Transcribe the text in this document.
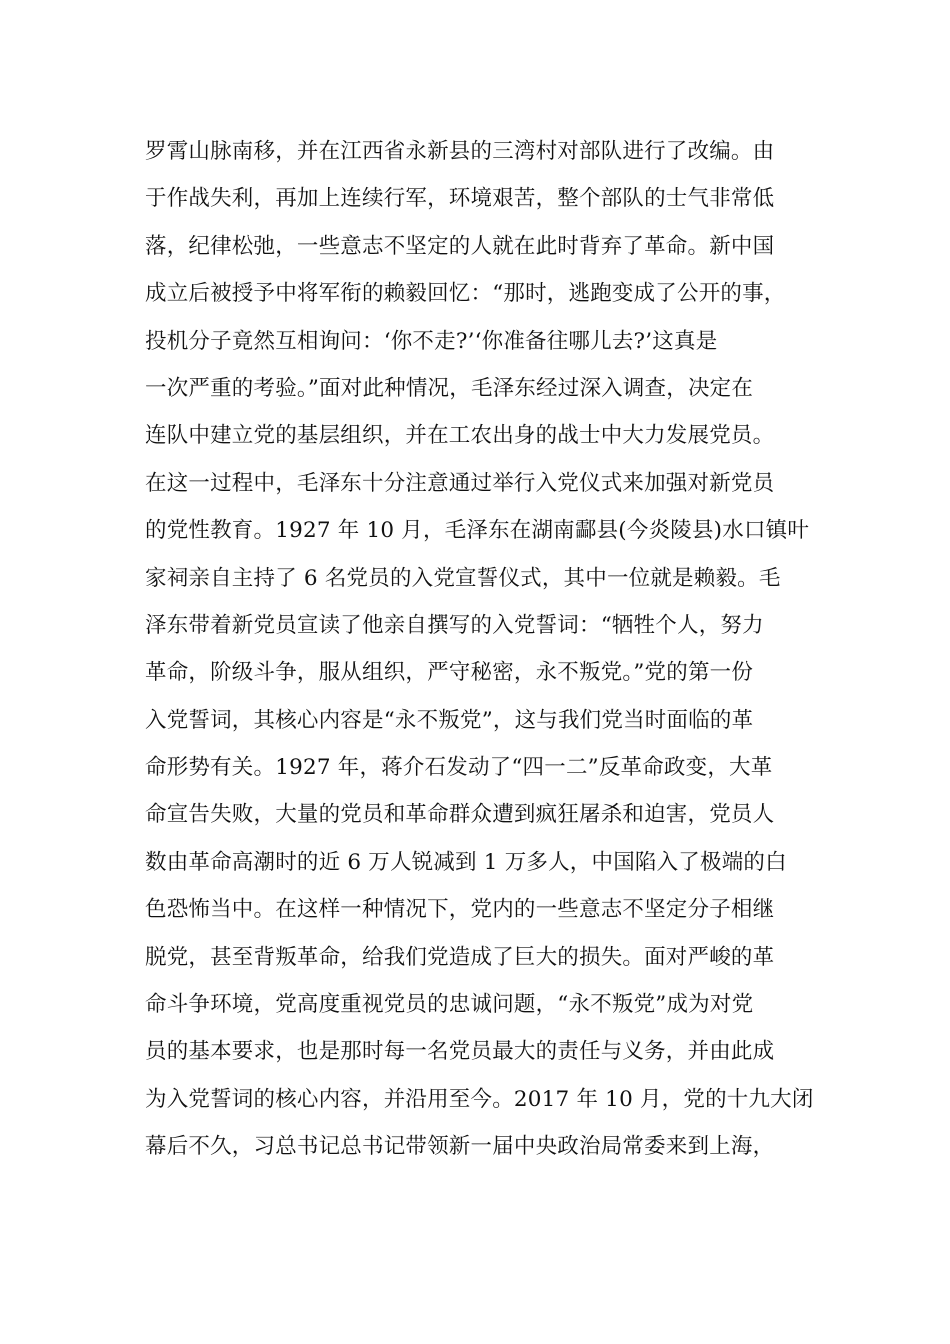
罗霄山脉南移，并在江西省永新县的三湾村对部队进行了改编。由
于作战失利，再加上连续行军，环境艰苦，整个部队的士气非常低
落，纪律松弛，一些意志不坚定的人就在此时背弃了革命。新中国
成立后被授予中将军衔的赖毅回忆：“那时，逃跑变成了公开的事，
投机分子竟然互相询问：‘你不走?’‘你准备往哪儿去?’这真是
一次严重的考验。”面对此种情况，毛泽东经过深入调查，决定在
连队中建立党的基层组织，并在工农出身的战士中大力发展党员。
在这一过程中，毛泽东十分注意通过举行入党仪式来加强对新党员
的党性教育。1927 年 10 月，毛泽东在湖南酃县(今炎陵县)水口镇叶
家祠亲自主持了 6 名党员的入党宣誓仪式，其中一位就是赖毅。毛
泽东带着新党员宣读了他亲自撰写的入党誓词：“牺牲个人，努力
革命，阶级斗争，服从组织，严守秘密，永不叛党。”党的第一份
入党誓词，其核心内容是“永不叛党”，这与我们党当时面临的革
命形势有关。1927 年，蒋介石发动了“四一二”反革命政变，大革
命宣告失败，大量的党员和革命群众遭到疯狂屠杀和迫害，党员人
数由革命高潮时的近 6 万人锐减到 1 万多人，中国陷入了极端的白
色恐怖当中。在这样一种情况下，党内的一些意志不坚定分子相继
脱党，甚至背叛革命，给我们党造成了巨大的损失。面对严峻的革
命斗争环境，党高度重视党员的忠诚问题，“永不叛党”成为对党
员的基本要求，也是那时每一名党员最大的责任与义务，并由此成
为入党誓词的核心内容，并沿用至今。2017 年 10 月，党的十九大闭
幕后不久，习总书记总书记带领新一届中央政治局常委来到上海，
